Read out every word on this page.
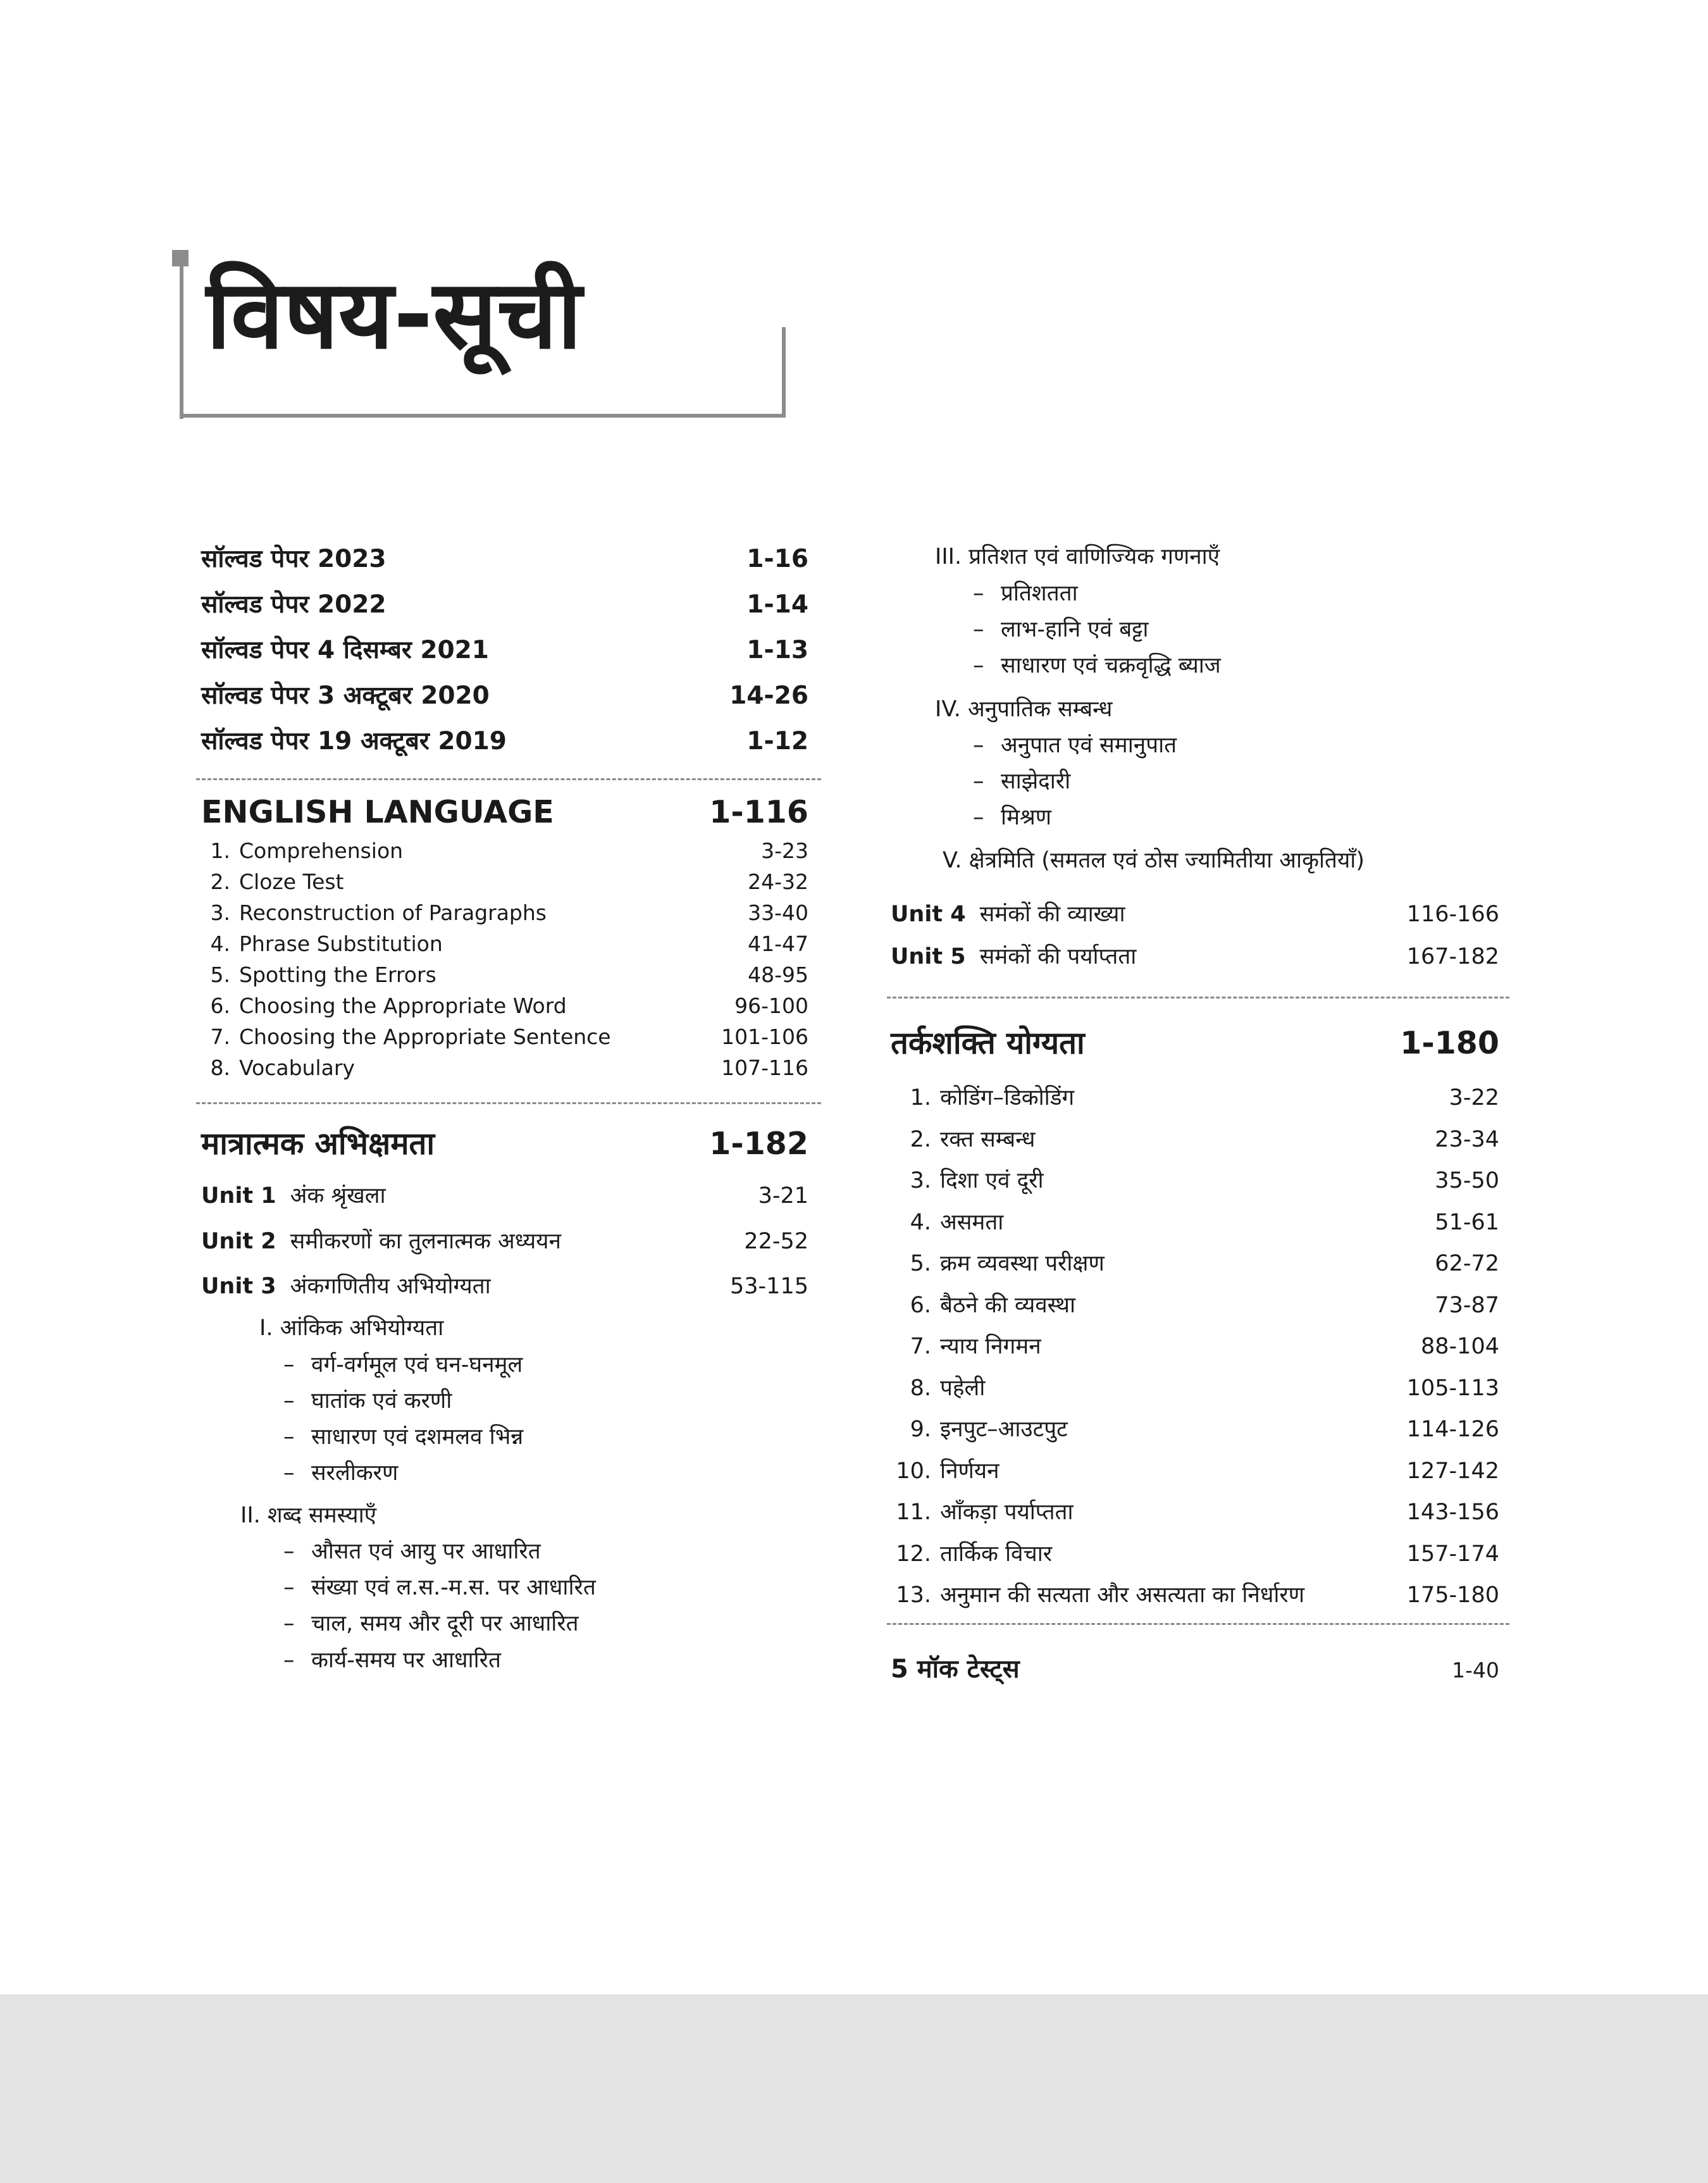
विषय-सूची
सॉल्वड पेपर 2023	1-16
सॉल्वड पेपर 2022	1-14
सॉल्वड पेपर 4 दिसम्बर 2021	1-13
सॉल्वड पेपर 3 अक्टूबर 2020	14-26
सॉल्वड पेपर 19 अक्टूबर 2019	1-12
ENGLISH LANGUAGE	1-116
1. Comprehension	3-23
2. Cloze Test	24-32
3. Reconstruction of Paragraphs	33-40
4. Phrase Substitution	41-47
5. Spotting the Errors	48-95
6. Choosing the Appropriate Word	96-100
7. Choosing the Appropriate Sentence	101-106
8. Vocabulary	107-116
मात्रात्मक अभिक्षमता	1-182
Unit 1 अंक श्रृंखला	3-21
Unit 2 समीकरणों का तुलनात्मक अध्ययन	22-52
Unit 3 अंकगणितीय अभियोग्यता	53-115
I. आंकिक अभियोग्यता
– वर्ग-वर्गमूल एवं घन-घनमूल
– घातांक एवं करणी
– साधारण एवं दशमलव भिन्न
– सरलीकरण
II. शब्द समस्याएँ
– औसत एवं आयु पर आधारित
– संख्या एवं ल.स.-म.स. पर आधारित
– चाल, समय और दूरी पर आधारित
– कार्य-समय पर आधारित
III. प्रतिशत एवं वाणिज्यिक गणनाएँ
– प्रतिशतता
– लाभ-हानि एवं बट्टा
– साधारण एवं चक्रवृद्धि ब्याज
IV. अनुपातिक सम्बन्ध
– अनुपात एवं समानुपात
– साझेदारी
– मिश्रण
V. क्षेत्रमिति (समतल एवं ठोस ज्यामितीया आकृतियाँ)
Unit 4 समंकों की व्याख्या	116-166
Unit 5 समंकों की पर्याप्तता	167-182
तर्कशक्ति योग्यता	1-180
1. कोडिंग–डिकोडिंग	3-22
2. रक्त सम्बन्ध	23-34
3. दिशा एवं दूरी	35-50
4. असमता	51-61
5. क्रम व्यवस्था परीक्षण	62-72
6. बैठने की व्यवस्था	73-87
7. न्याय निगमन	88-104
8. पहेली	105-113
9. इनपुट–आउटपुट	114-126
10. निर्णयन	127-142
11. आँकड़ा पर्याप्तता	143-156
12. तार्किक विचार	157-174
13. अनुमान की सत्यता और असत्यता का निर्धारण	175-180
5 मॉक टेस्ट्स	1-40
